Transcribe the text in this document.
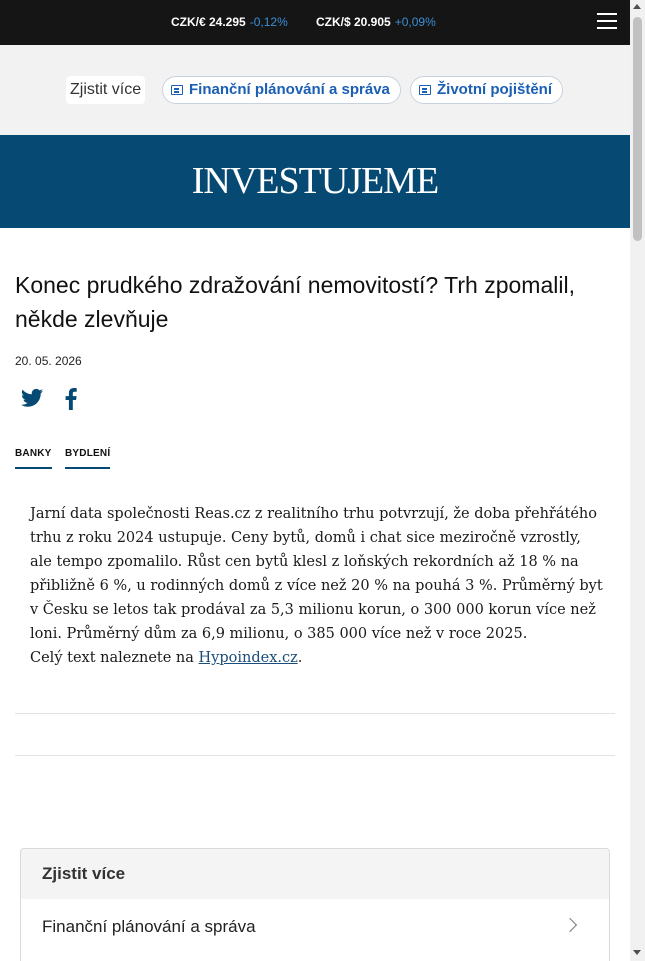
CZK/€ 24.295 -0,12% CZK/$ 20.905 +0,09%
Zjistit více	Finanční plánování a správa	Životní pojištění
INVESTUJEME
Konec prudkého zdražování nemovitostí? Trh zpomalil, někde zlevňuje
20. 05. 2026
BANKY BYDLENÍ

Jarní data společnosti Reas.cz z realitního trhu potvrzují, že doba přehřátého trhu z roku 2024 ustupuje. Ceny bytů, domů i chat sice meziročně vzrostly, ale tempo zpomalilo. Růst cen bytů klesl z loňských rekordních až 18 % na přibližně 6 %, u rodinných domů z více než 20 % na pouhá 3 %. Průměrný byt v Česku se letos tak prodával za 5,3 milionu korun, o 300 000 korun více než loni. Průměrný dům za 6,9 milionu, o 385 000 více než v roce 2025.

Celý text naleznete na Hypoindex.cz.

Zjistit více
Finanční plánování a správa
